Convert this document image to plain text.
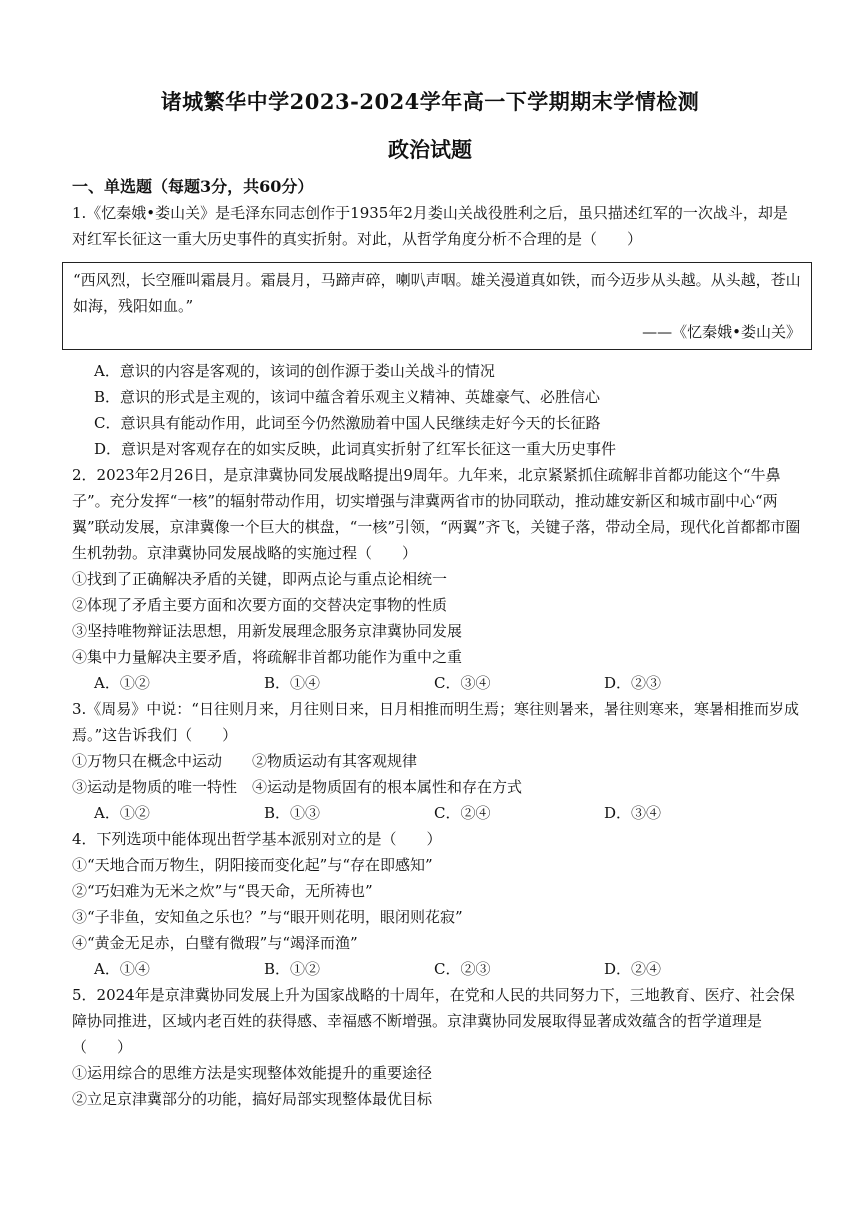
诸城繁华中学2023-2024学年高一下学期期末学情检测
政治试题
一、单选题（每题3分，共60分）

1.《忆秦娥•娄山关》是毛泽东同志创作于1935年2月娄山关战役胜利之后，虽只描述红军的一次战斗，却是对红军长征这一重大历史事件的真实折射。对此，从哲学角度分析不合理的是（　　）

“西风烈，长空雁叫霜晨月。霜晨月，马蹄声碎，喇叭声咽。雄关漫道真如铁，而今迈步从头越。从头越，苍山如海，残阳如血。”

——《忆秦娥•娄山关》
A．意识的内容是客观的，该词的创作源于娄山关战斗的情况
B．意识的形式是主观的，该词中蕴含着乐观主义精神、英雄豪气、必胜信心
C．意识具有能动作用，此词至今仍然激励着中国人民继续走好今天的长征路
D．意识是对客观存在的如实反映，此词真实折射了红军长征这一重大历史事件

2．2023年2月26日，是京津冀协同发展战略提出9周年。九年来，北京紧紧抓住疏解非首都功能这个“牛鼻子”。充分发挥“一核”的辐射带动作用，切实增强与津冀两省市的协同联动，推动雄安新区和城市副中心“两翼”联动发展，京津冀像一个巨大的棋盘，“一核”引领，“两翼”齐飞，关键子落，带动全局，现代化首都都市圈生机勃勃。京津冀协同发展战略的实施过程（　　）

①找到了正确解决矛盾的关键，即两点论与重点论相统一
②体现了矛盾主要方面和次要方面的交替决定事物的性质
③坚持唯物辩证法思想，用新发展理念服务京津冀协同发展
④集中力量解决主要矛盾，将疏解非首都功能作为重中之重
A．①②	B．①④	C．③④	D．②③

3.《周易》中说：“日往则月来，月往则日来，日月相推而明生焉；寒往则暑来，暑往则寒来，寒暑相推而岁成焉。”这告诉我们（　　）

①万物只在概念中运动　　②物质运动有其客观规律
③运动是物质的唯一特性　④运动是物质固有的根本属性和存在方式
A．①②	B．①③	C．②④	D．③④

4．下列选项中能体现出哲学基本派别对立的是（　　）

①“天地合而万物生，阴阳接而变化起”与“存在即感知”
②“巧妇难为无米之炊”与“畏天命，无所祷也”
③“子非鱼，安知鱼之乐也？”与“眼开则花明，眼闭则花寂”
④“黄金无足赤，白璧有微瑕”与“竭泽而渔”
A．①④	B．①②	C．②③	D．②④

5．2024年是京津冀协同发展上升为国家战略的十周年，在党和人民的共同努力下，三地教育、医疗、社会保障协同推进，区域内老百姓的获得感、幸福感不断增强。京津冀协同发展取得显著成效蕴含的哲学道理是（　　）

①运用综合的思维方法是实现整体效能提升的重要途径
②立足京津冀部分的功能，搞好局部实现整体最优目标
